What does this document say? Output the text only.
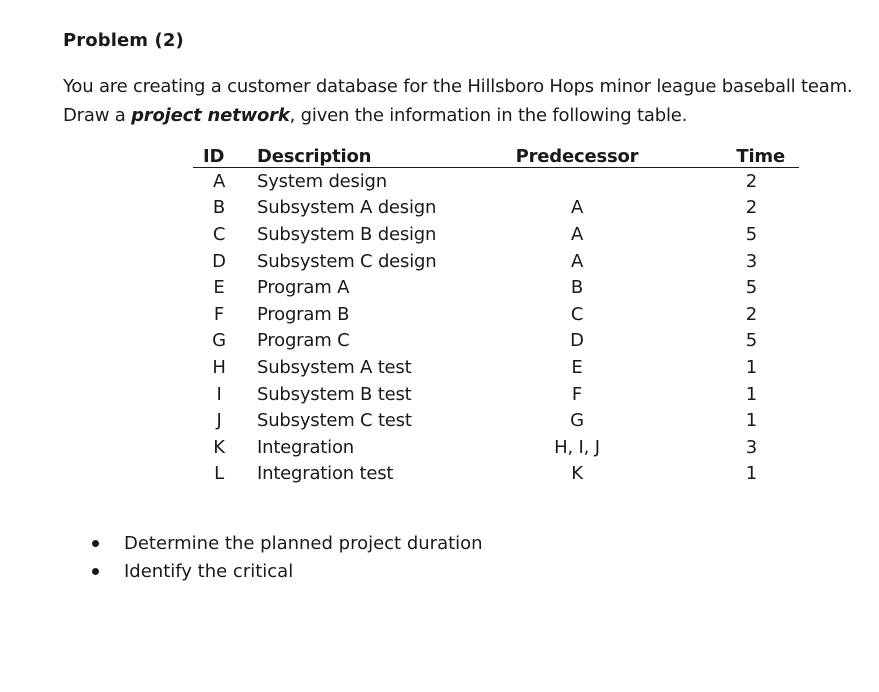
Problem (2)
You are creating a customer database for the Hillsboro Hops minor league baseball team.
Draw a project network, given the information in the following table.
ID	Description	Predecessor	Time
A	System design		2
B	Subsystem A design	A	2
C	Subsystem B design	A	5
D	Subsystem C design	A	3
E	Program A	B	5
F	Program B	C	2
G	Program C	D	5
H	Subsystem A test	E	1
I	Subsystem B test	F	1
J	Subsystem C test	G	1
K	Integration	H, I, J	3
L	Integration test	K	1
Determine the planned project duration
Identify the critical
